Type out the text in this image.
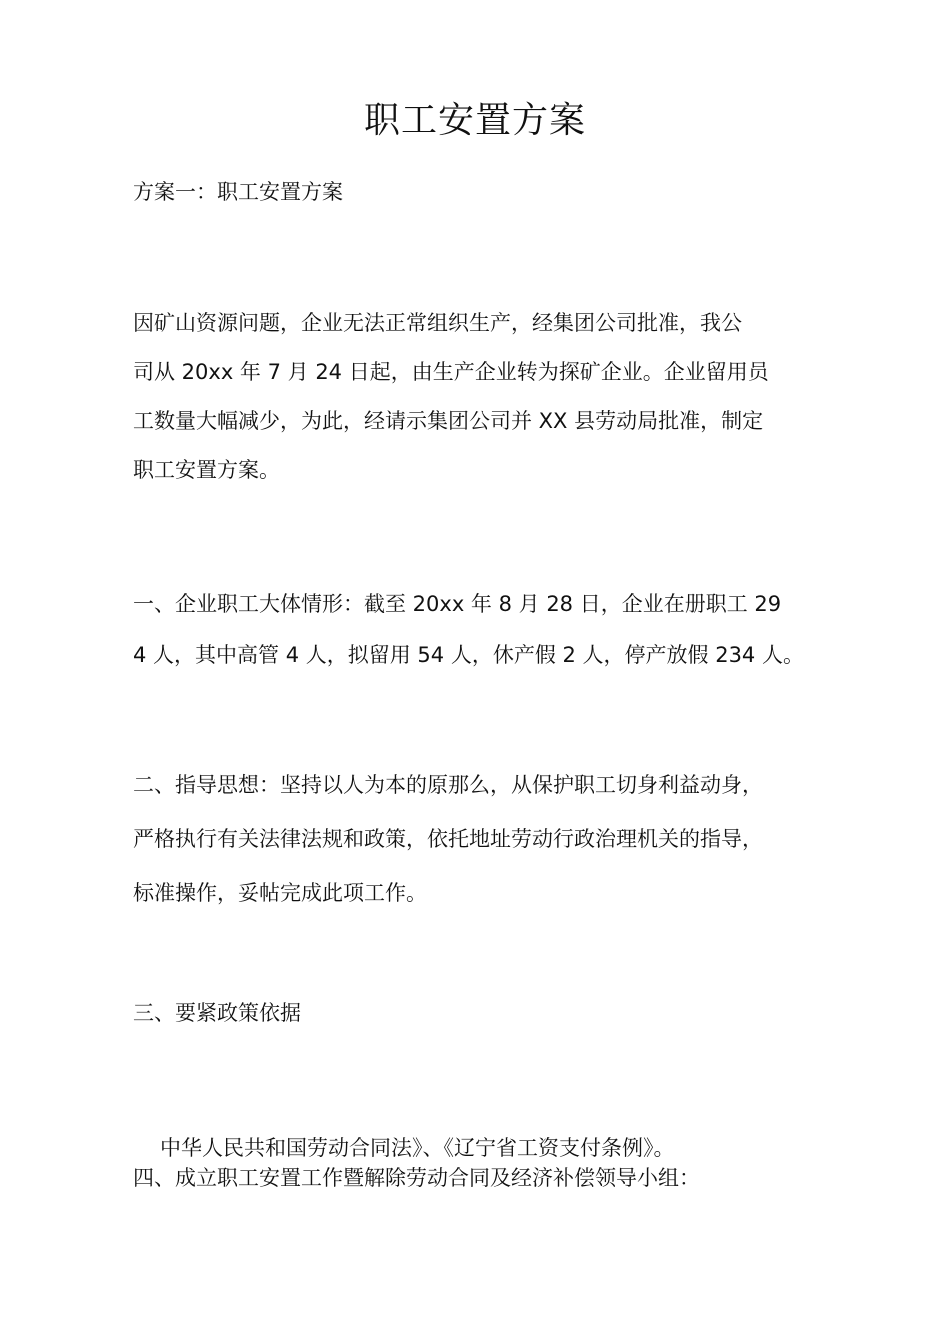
职工安置方案

方案一：职工安置方案

因矿山资源问题，企业无法正常组织生产，经集团公司批准，我公
司从 20xx 年 7 月 24 日起，由生产企业转为探矿企业。企业留用员
工数量大幅减少，为此，经请示集团公司并 XX 县劳动局批准，制定
职工安置方案。

一、企业职工大体情形：截至 20xx 年 8 月 28 日，企业在册职工 29
4 人，其中高管 4 人，拟留用 54 人，休产假 2 人，停产放假 234 人。

二、指导思想：坚持以人为本的原那么，从保护职工切身利益动身，
严格执行有关法律法规和政策，依托地址劳动行政治理机关的指导，
标准操作，妥帖完成此项工作。

三、要紧政策依据

中华人民共和国劳动合同法》、《辽宁省工资支付条例》。

四、成立职工安置工作暨解除劳动合同及经济补偿领导小组：
